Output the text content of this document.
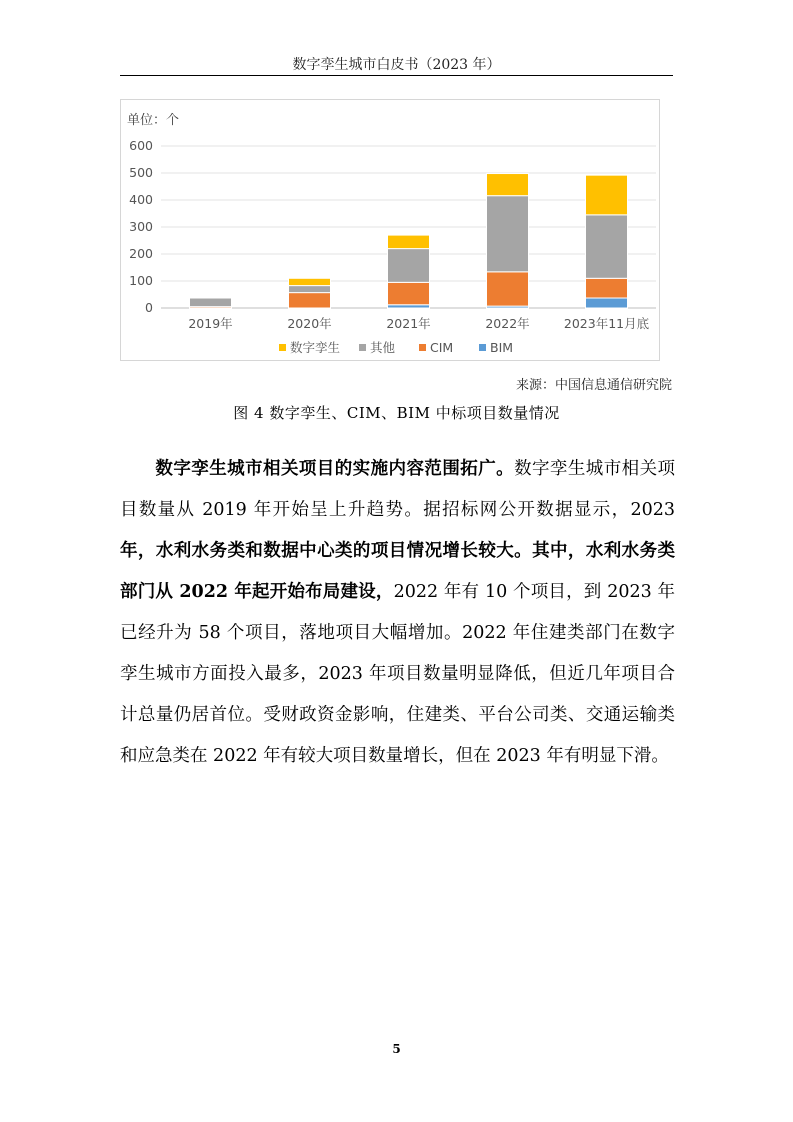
数字孪生城市白皮书（2023 年）
单位：个
0
100
200
300
400
500
600
2019年	2020年	2021年	2022年	2023年11月底
数字孪生 其他	CIM	BIM
来源：中国信息通信研究院
图 4 数字孪生、CIM、BIM 中标项目数量情况

  数字孪生城市相关项目的实施内容范围拓广。数字孪生城市相关项目数量从 2019 年开始呈上升趋势。据招标网公开数据显示，2023 年，水利水务类和数据中心类的项目情况增长较大。其中，水利水务类部门从 2022 年起开始布局建设，2022 年有 10 个项目，到 2023 年已经升为 58 个项目，落地项目大幅增加。2022 年住建类部门在数字孪生城市方面投入最多，2023 年项目数量明显降低，但近几年项目合计总量仍居首位。受财政资金影响，住建类、平台公司类、交通运输类和应急类在 2022 年有较大项目数量增长，但在 2023 年有明显下滑。

5
